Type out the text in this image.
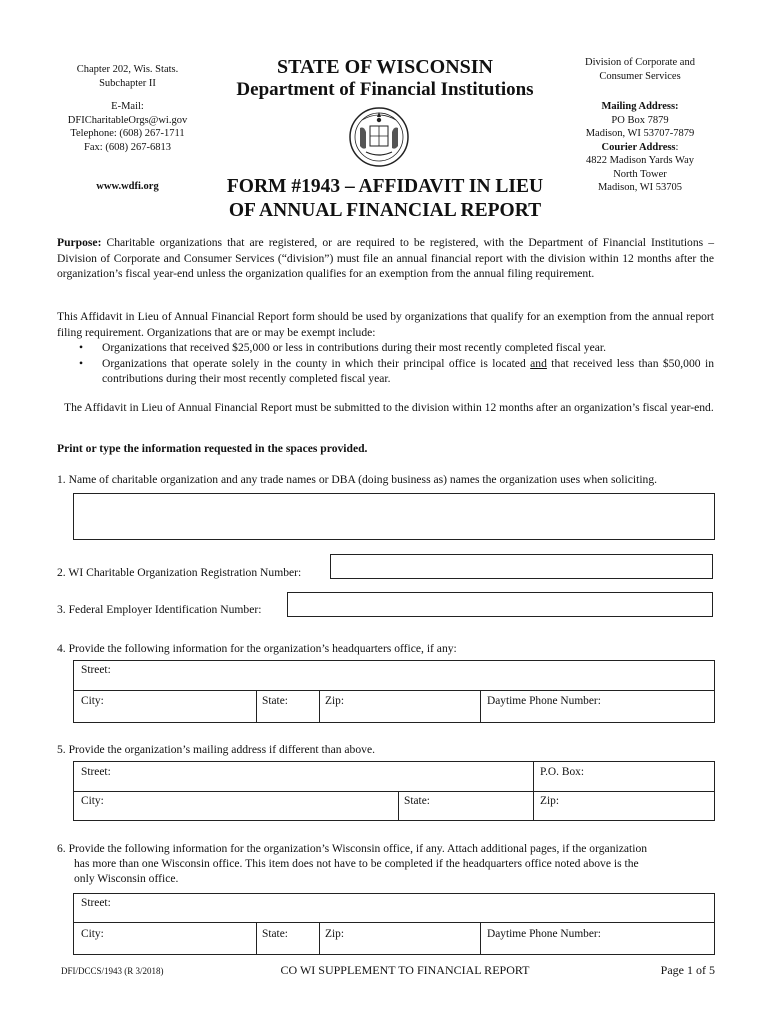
Chapter 202, Wis. Stats.
Subchapter II
E-Mail:
DFICharitableOrgs@wi.gov
Telephone: (608) 267-1711
Fax: (608) 267-6813
www.wdfi.org
STATE OF WISCONSIN
Department of Financial Institutions
FORM #1943 – AFFIDAVIT IN LIEU
OF ANNUAL FINANCIAL REPORT
Division of Corporate and
Consumer Services
Mailing Address:
PO Box 7879
Madison, WI 53707-7879
Courier Address:
4822 Madison Yards Way
North Tower
Madison, WI 53705
Purpose: Charitable organizations that are registered, or are required to be registered, with the Department of Financial Institutions – Division of Corporate and Consumer Services (“division”) must file an annual financial report with the division within 12 months after the organization’s fiscal year-end unless the organization qualifies for an exemption from the annual filing requirement.
This Affidavit in Lieu of Annual Financial Report form should be used by organizations that qualify for an exemption from the annual report filing requirement. Organizations that are or may be exempt include:
• Organizations that received $25,000 or less in contributions during their most recently completed fiscal year.
• Organizations that operate solely in the county in which their principal office is located and that received less than $50,000 in contributions during their most recently completed fiscal year.
The Affidavit in Lieu of Annual Financial Report must be submitted to the division within 12 months after an organization’s fiscal year-end.
Print or type the information requested in the spaces provided.
1. Name of charitable organization and any trade names or DBA (doing business as) names the organization uses when soliciting.
2. WI Charitable Organization Registration Number:
3. Federal Employer Identification Number:
4. Provide the following information for the organization’s headquarters office, if any:
Street:
City:	State:	Zip:	Daytime Phone Number:
5. Provide the organization’s mailing address if different than above.
Street:	P.O. Box:
City:	State:	Zip:
6. Provide the following information for the organization’s Wisconsin office, if any. Attach additional pages, if the organization
has more than one Wisconsin office. This item does not have to be completed if the headquarters office noted above is the
only Wisconsin office.
Street:
City:	State:	Zip:	Daytime Phone Number:
DFI/DCCS/1943 (R 3/2018)	CO WI SUPPLEMENT TO FINANCIAL REPORT	Page 1 of 5
